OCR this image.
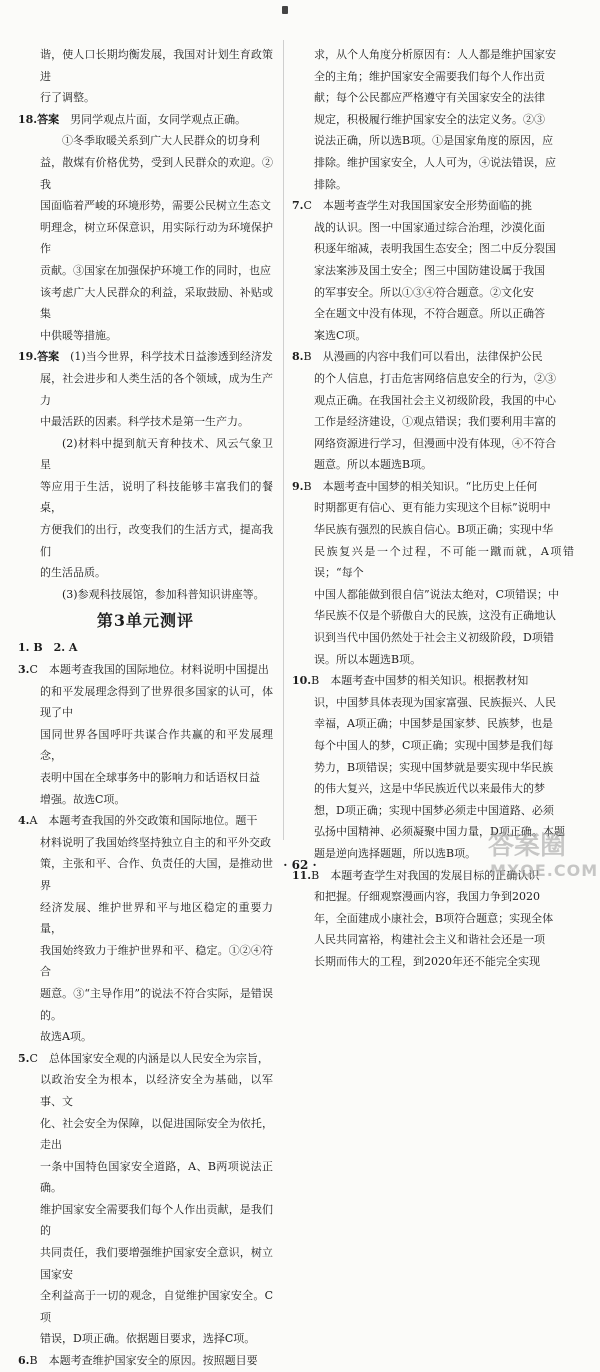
谐，使人口长期均衡发展，我国对计划生育政策进

行了调整。

18.答案　 男同学观点片面，女同学观点正确。

①冬季取暖关系到广大人民群众的切身利

益，散煤有价格优势，受到人民群众的欢迎。②我

国面临着严峻的环境形势，需要公民树立生态文

明理念，树立环保意识，用实际行动为环境保护作

贡献。③国家在加强保护环境工作的同时，也应

该考虑广大人民群众的利益，采取鼓励、补贴或集

中供暖等措施。

19.答案　 (1)当今世界，科学技术日益渗透到经济发

展，社会进步和人类生活的各个领域，成为生产力

中最活跃的因素。科学技术是第一生产力。

(2)材料中提到航天育种技术、风云气象卫星

等应用于生活，说明了科技能够丰富我们的餐桌，

方便我们的出行，改变我们的生活方式，提高我们

的生活品质。

(3)参观科技展馆，参加科普知识讲座等。

第3单元测评

1. B　2. A

3.C　本题考查我国的国际地位。材料说明中国提出

的和平发展理念得到了世界很多国家的认可，体现了中

国同世界各国呼吁共谋合作共赢的和平发展理念，

表明中国在全球事务中的影响力和话语权日益

增强。故选C项。

4.A　本题考查我国的外交政策和国际地位。题干

材料说明了我国始终坚持独立自主的和平外交政

策，主张和平、合作、负责任的大国，是推动世界

经济发展、维护世界和平与地区稳定的重要力量，

我国始终致力于维护世界和平、稳定。①②④符合

题意。③“主导作用”的说法不符合实际，是错误的。

故选A项。

5.C　总体国家安全观的内涵是以人民安全为宗旨，

以政治安全为根本，以经济安全为基础，以军事、文

化、社会安全为保障，以促进国际安全为依托，走出

一条中国特色国家安全道路，A、B两项说法正确。

维护国家安全需要我们每个人作出贡献，是我们的

共同责任，我们要增强维护国家安全意识，树立国家安

全利益高于一切的观念，自觉维护国家安全。C项

错误，D项正确。依据题目要求，选择C项。

6.B　本题考查维护国家安全的原因。按照题目要

求，从个人角度分析原因有：人人都是维护国家安

全的主角；维护国家安全需要我们每个人作出贡

献；每个公民都应严格遵守有关国家安全的法律

规定，积极履行维护国家安全的法定义务。②③

说法正确，所以选B项。①是国家角度的原因，应

排除。维护国家安全，人人可为，④说法错误，应

排除。

7.C　本题考查学生对我国国家安全形势面临的挑

战的认识。图一中国家通过综合治理，沙漠化面

积逐年缩减，表明我国生态安全；图二中反分裂国

家法案涉及国土安全；图三中国防建设属于我国

的军事安全。所以①③④符合题意。②文化安

全在题文中没有体现，不符合题意。所以正确答

案选C项。

8.B　从漫画的内容中我们可以看出，法律保护公民

的个人信息，打击危害网络信息安全的行为，②③

观点正确。在我国社会主义初级阶段，我国的中心

工作是经济建设，①观点错误；我们要利用丰富的

网络资源进行学习，但漫画中没有体现，④不符合

题意。所以本题选B项。

9.B　本题考查中国梦的相关知识。“比历史上任何

时期都更有信心、更有能力实现这个目标”说明中

华民族有强烈的民族自信心。B项正确；实现中华

民族复兴是一个过程，不可能一蹴而就，A项错误；“每个

中国人都能做到很自信”说法太绝对，C项错误；中

华民族不仅是个骄傲自大的民族，这没有正确地认

识到当代中国仍然处于社会主义初级阶段，D项错

误。所以本题选B项。

10.B　本题考查中国梦的相关知识。根据教材知

识，中国梦具体表现为国家富强、民族振兴、人民

幸福，A项正确；中国梦是国家梦、民族梦，也是

每个中国人的梦，C项正确；实现中国梦是我们每

势力，B项错误；实现中国梦就是要实现中华民族

的伟大复兴，这是中华民族近代以来最伟大的梦

想，D项正确；实现中国梦必须走中国道路、必须

弘扬中国精神、必须凝聚中国力量，D项正确。本题

题是逆向选择题题，所以选B项。

11.B　本题考查学生对我国的发展目标的正确认识

和把握。仔细观察漫画内容，我国力争到2020

年，全面建成小康社会，B项符合题意；实现全体

人民共同富裕，构建社会主义和谐社会还是一项

长期而伟大的工程，到2020年还不能完全实现

· 62 ·
答案圈
MXQE.COM
